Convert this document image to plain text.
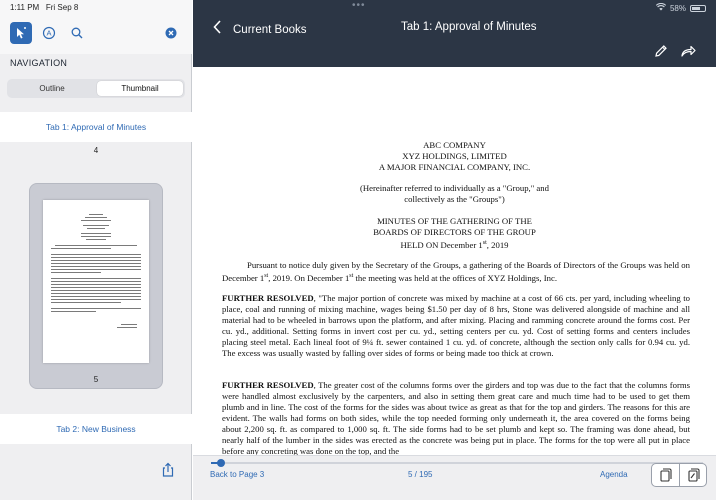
1:11 PM Fri Sep 8	•••	58%
A
NAVIGATION
Outline	Thumbnail
Tab 1: Approval of Minutes
4
5
Tab 2: New Business
Current Books	Tab 1: Approval of Minutes
ABC COMPANY
XYZ HOLDINGS, LIMITED
A MAJOR FINANCIAL COMPANY, INC.
(Hereinafter referred to individually as a "Group," and
collectively as the "Groups")
MINUTES OF THE GATHERING OF THE
BOARDS OF DIRECTORS OF THE GROUP
HELD ON December 1st, 2019
Pursuant to notice duly given by the Secretary of the Groups, a gathering of the Boards of Directors of the Groups was held on December 1st, 2019. On December 1st the meeting was held at the offices of XYZ Holdings, Inc.
FURTHER RESOLVED, "The major portion of concrete was mixed by machine at a cost of 66 cts. per yard, including wheeling to place, coal and running of mixing machine, wages being $1.50 per day of 8 hrs, Stone was delivered alongside of machine and all material had to be wheeled in barrows upon the platform, and after mixing. Placing and ramming concrete around the forms cost. Per cu. yd., additional. Setting forms in invert cost per cu. yd., setting centers per cu. yd. Cost of setting forms and centers includes placing steel metal. Each lineal foot of 9¼ ft. sewer contained 1 cu. yd. of concrete, although the section only calls for 0.94 cu. yd. The excess was usually wasted by falling over sides of forms or being made too thick at crown.
FURTHER RESOLVED, The greater cost of the columns forms over the girders and top was due to the fact that the columns forms were handled almost exclusively by the carpenters, and also in setting them great care and much time had to be used to get them plumb and in line. The cost of the forms for the sides was about twice as great as that for the top and girders. The reasons for this are evident. The walls had forms on both sides, while the top needed forming only underneath it, the area covered on the forms being about 2,200 sq. ft. as compared to 1,000 sq. ft. The side forms had to be set plumb and kept so. The framing was done ahead, but nearly half of the lumber in the sides was erected as the concrete was being put in place. The forms for the top were all put in place before any concreting was done on the top, and the
Back to Page 3	5 / 195	Agenda
